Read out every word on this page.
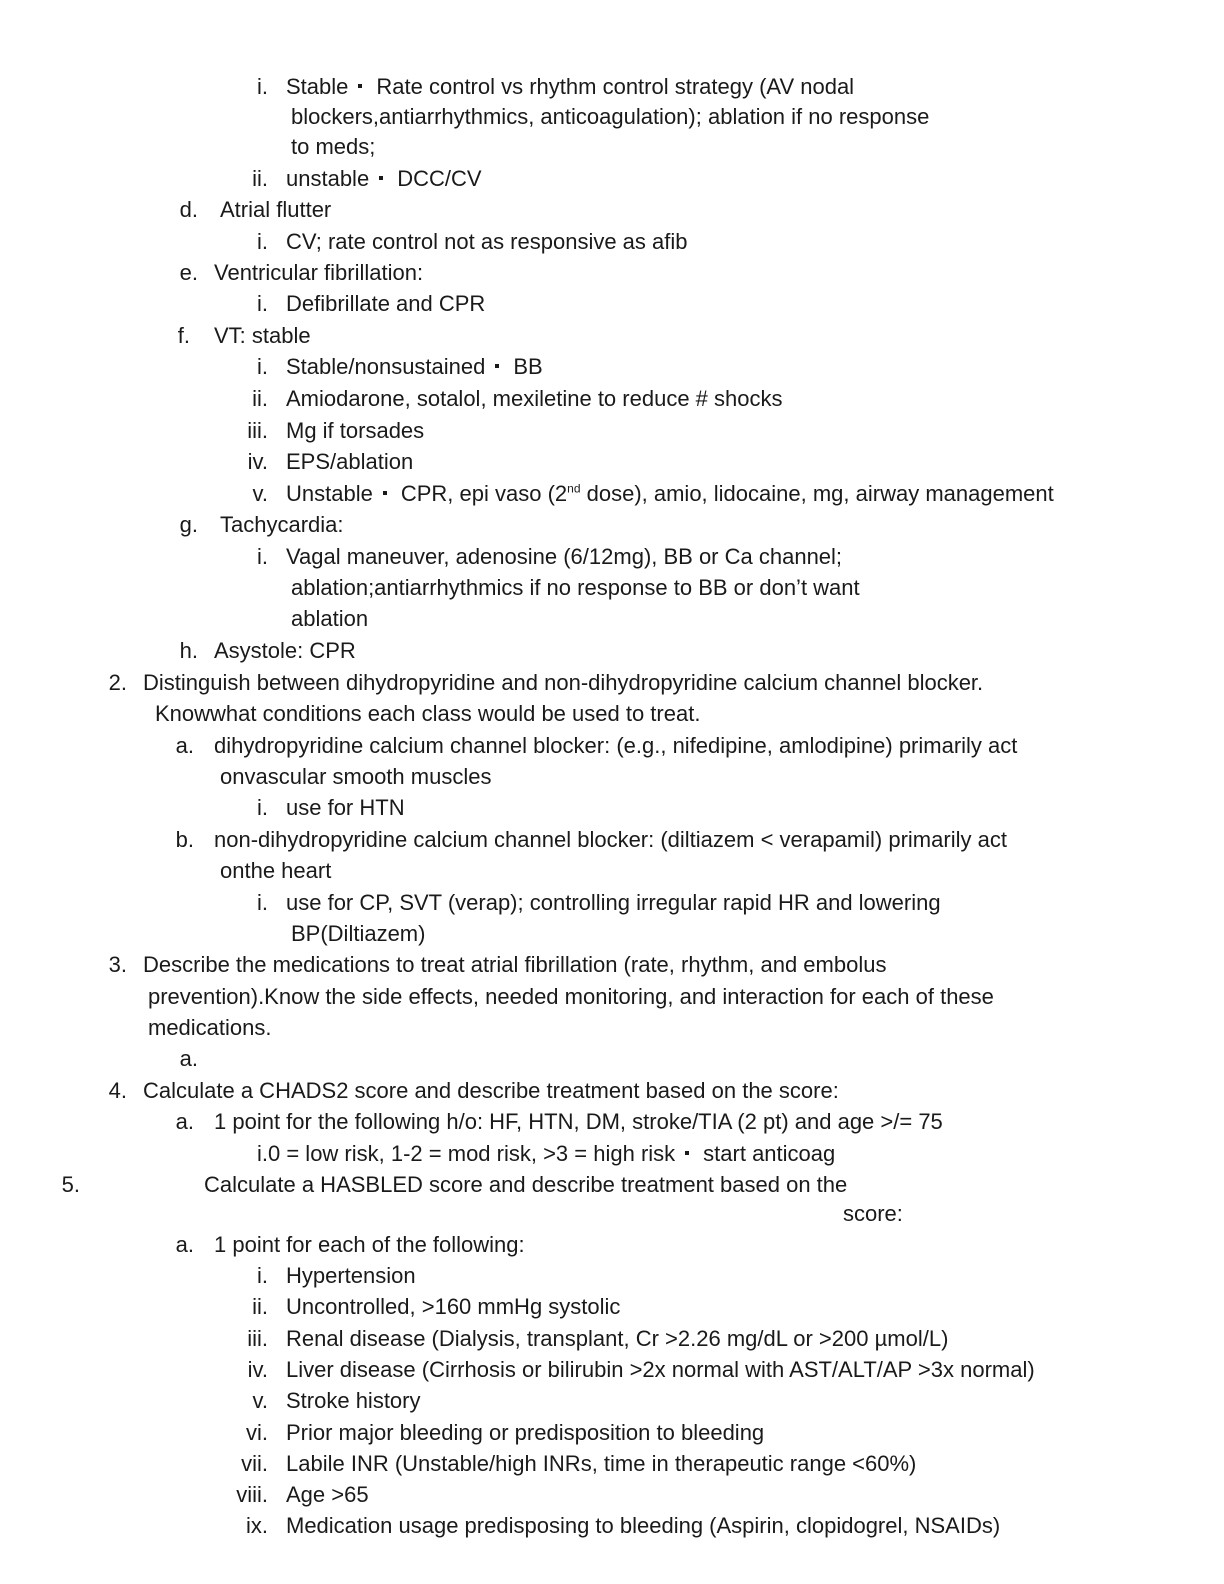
i. Stable Rate control vs rhythm control strategy (AV nodal
blockers,antiarrhythmics, anticoagulation); ablation if no response
to meds;
ii. unstable DCC/CV
d. Atrial flutter
i. CV; rate control not as responsive as afib
e. Ventricular fibrillation:
i. Defibrillate and CPR
f. VT: stable
i. Stable/nonsustained BB
ii. Amiodarone, sotalol, mexiletine to reduce # shocks
iii. Mg if torsades
iv. EPS/ablation
v. Unstable CPR, epi vaso (2nd dose), amio, lidocaine, mg, airway management
g. Tachycardia:
i. Vagal maneuver, adenosine (6/12mg), BB or Ca channel;
ablation;antiarrhythmics if no response to BB or don’t want
ablation
h. Asystole: CPR
2. Distinguish between dihydropyridine and non-dihydropyridine calcium channel blocker.
Knowwhat conditions each class would be used to treat.
a. dihydropyridine calcium channel blocker: (e.g., nifedipine, amlodipine) primarily act
onvascular smooth muscles
i. use for HTN
b. non-dihydropyridine calcium channel blocker: (diltiazem < verapamil) primarily act
onthe heart
i. use for CP, SVT (verap); controlling irregular rapid HR and lowering
BP(Diltiazem)
3. Describe the medications to treat atrial fibrillation (rate, rhythm, and embolus
prevention).Know the side effects, needed monitoring, and interaction for each of these
medications.
a.
4. Calculate a CHADS2 score and describe treatment based on the score:
a. 1 point for the following h/o: HF, HTN, DM, stroke/TIA (2 pt) and age >/= 75
i. 0 = low risk, 1-2 = mod risk, >3 = high risk start anticoag
5.	Calculate a HASBLED score and describe treatment based on the
score:
a. 1 point for each of the following:
i. Hypertension
ii. Uncontrolled, >160 mmHg systolic
iii. Renal disease (Dialysis, transplant, Cr >2.26 mg/dL or >200 µmol/L)
iv. Liver disease (Cirrhosis or bilirubin >2x normal with AST/ALT/AP >3x normal)
v. Stroke history
vi. Prior major bleeding or predisposition to bleeding
vii. Labile INR (Unstable/high INRs, time in therapeutic range <60%)
viii. Age >65
ix. Medication usage predisposing to bleeding (Aspirin, clopidogrel, NSAIDs)
